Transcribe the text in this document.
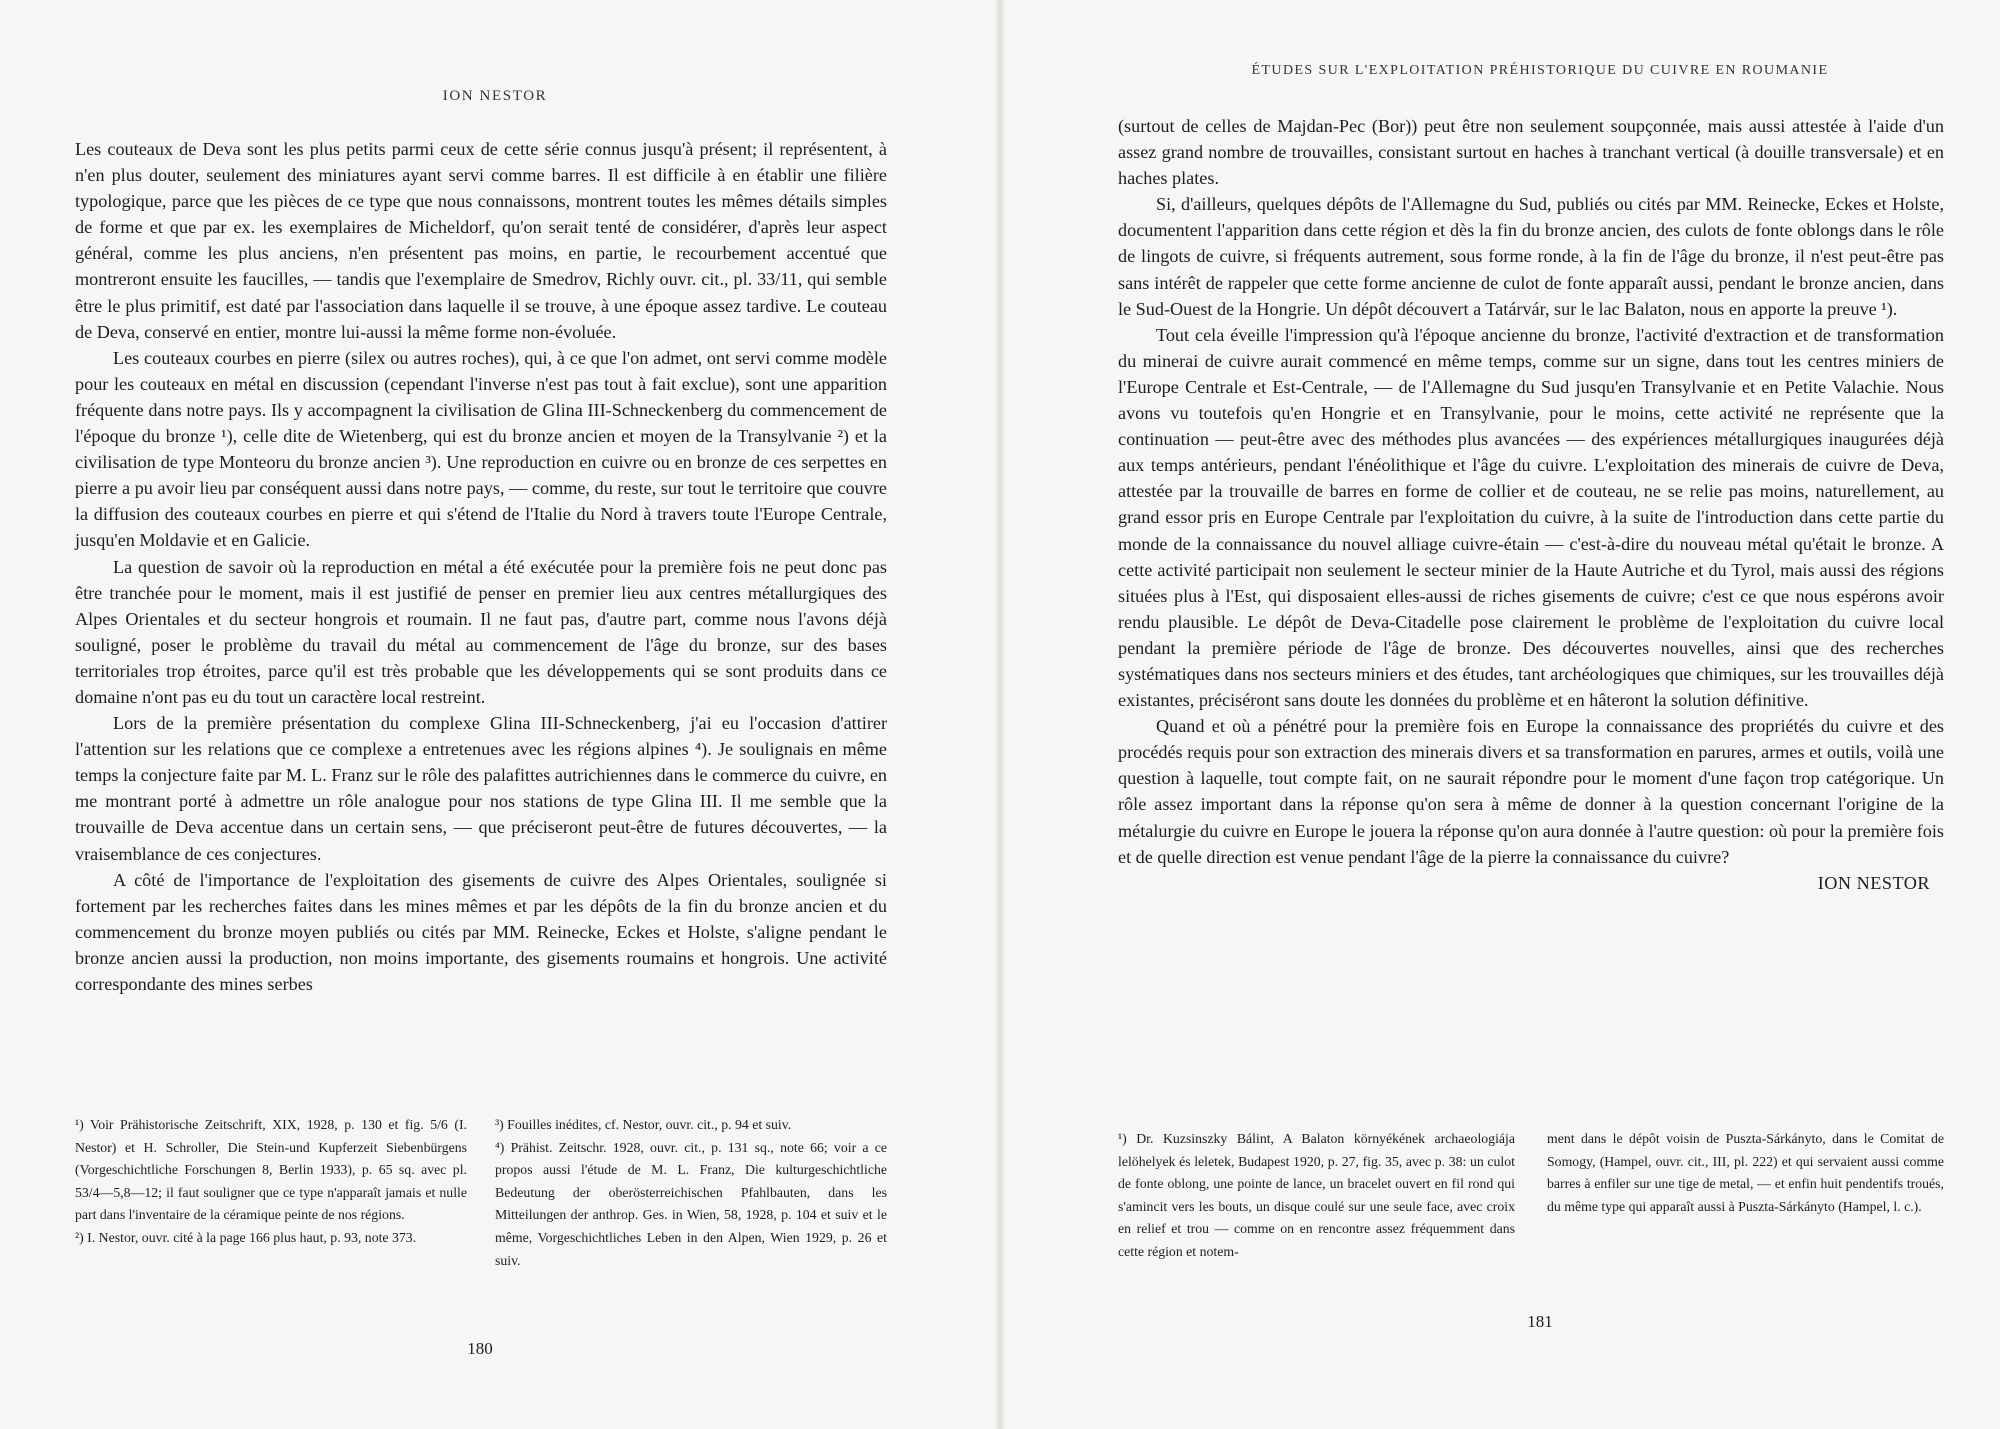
ION NESTOR

Les couteaux de Deva sont les plus petits parmi ceux de cette série connus jusqu'à présent; il représentent, à n'en plus douter, seulement des miniatures ayant servi comme barres. Il est difficile à en établir une filière typologique, parce que les pièces de ce type que nous connaissons, montrent toutes les mêmes détails simples de forme et que par ex. les exemplaires de Micheldorf, qu'on serait tenté de considérer, d'après leur aspect général, comme les plus anciens, n'en présentent pas moins, en partie, le recourbement accentué que montreront ensuite les faucilles, — tandis que l'exemplaire de Smedrov, Richly ouvr. cit., pl. 33/11, qui semble être le plus primitif, est daté par l'association dans laquelle il se trouve, à une époque assez tardive. Le couteau de Deva, conservé en entier, montre lui-aussi la même forme non-évoluée.

Les couteaux courbes en pierre (silex ou autres roches), qui, à ce que l'on admet, ont servi comme modèle pour les couteaux en métal en discussion (cependant l'inverse n'est pas tout à fait exclue), sont une apparition fréquente dans notre pays. Ils y accompagnent la civilisation de Glina III-Schneckenberg du commencement de l'époque du bronze ¹), celle dite de Wietenberg, qui est du bronze ancien et moyen de la Transylvanie ²) et la civilisation de type Monteoru du bronze ancien ³). Une reproduction en cuivre ou en bronze de ces serpettes en pierre a pu avoir lieu par conséquent aussi dans notre pays, — comme, du reste, sur tout le territoire que couvre la diffusion des couteaux courbes en pierre et qui s'étend de l'Italie du Nord à travers toute l'Europe Centrale, jusqu'en Moldavie et en Galicie.

La question de savoir où la reproduction en métal a été exécutée pour la première fois ne peut donc pas être tranchée pour le moment, mais il est justifié de penser en premier lieu aux centres métallurgiques des Alpes Orientales et du secteur hongrois et roumain. Il ne faut pas, d'autre part, comme nous l'avons déjà souligné, poser le problème du travail du métal au commencement de l'âge du bronze, sur des bases territoriales trop étroites, parce qu'il est très probable que les développements qui se sont produits dans ce domaine n'ont pas eu du tout un caractère local restreint.

Lors de la première présentation du complexe Glina III-Schneckenberg, j'ai eu l'occasion d'attirer l'attention sur les relations que ce complexe a entretenues avec les régions alpines ⁴). Je soulignais en même temps la conjecture faite par M. L. Franz sur le rôle des palafittes autrichiennes dans le commerce du cuivre, en me montrant porté à admettre un rôle analogue pour nos stations de type Glina III. Il me semble que la trouvaille de Deva accentue dans un certain sens, — que préciseront peut-être de futures découvertes, — la vraisemblance de ces conjectures.

A côté de l'importance de l'exploitation des gisements de cuivre des Alpes Orientales, soulignée si fortement par les recherches faites dans les mines mêmes et par les dépôts de la fin du bronze ancien et du commencement du bronze moyen publiés ou cités par MM. Reinecke, Eckes et Holste, s'aligne pendant le bronze ancien aussi la production, non moins importante, des gisements roumains et hongrois. Une activité correspondante des mines serbes

¹) Voir Prähistorische Zeitschrift, XIX, 1928, p. 130 et fig. 5/6 (I. Nestor) et H. Schroller, Die Stein-und Kupferzeit Siebenbürgens (Vorgeschichtliche Forschungen 8, Berlin 1933), p. 65 sq. avec pl. 53/4—5,8—12; il faut souligner que ce type n'apparaît jamais et nulle part dans l'inventaire de la céramique peinte de nos régions.

²) I. Nestor, ouvr. cité à la page 166 plus haut, p. 93, note 373.

³) Fouilles inédites, cf. Nestor, ouvr. cit., p. 94 et suiv.

⁴) Prähist. Zeitschr. 1928, ouvr. cit., p. 131 sq., note 66; voir a ce propos aussi l'étude de M. L. Franz, Die kulturgeschichtliche Bedeutung der oberösterreichischen Pfahlbauten, dans les Mitteilungen der anthrop. Ges. in Wien, 58, 1928, p. 104 et suiv et le même, Vorgeschichtliches Leben in den Alpen, Wien 1929, p. 26 et suiv.

180
ÉTUDES SUR L'EXPLOITATION PRÉHISTORIQUE DU CUIVRE EN ROUMANIE

(surtout de celles de Majdan-Pec (Bor)) peut être non seulement soupçonnée, mais aussi attestée à l'aide d'un assez grand nombre de trouvailles, consistant surtout en haches à tranchant vertical (à douille transversale) et en haches plates.

Si, d'ailleurs, quelques dépôts de l'Allemagne du Sud, publiés ou cités par MM. Reinecke, Eckes et Holste, documentent l'apparition dans cette région et dès la fin du bronze ancien, des culots de fonte oblongs dans le rôle de lingots de cuivre, si fréquents autrement, sous forme ronde, à la fin de l'âge du bronze, il n'est peut-être pas sans intérêt de rappeler que cette forme ancienne de culot de fonte apparaît aussi, pendant le bronze ancien, dans le Sud-Ouest de la Hongrie. Un dépôt découvert a Tatárvár, sur le lac Balaton, nous en apporte la preuve ¹).

Tout cela éveille l'impression qu'à l'époque ancienne du bronze, l'activité d'extraction et de transformation du minerai de cuivre aurait commencé en même temps, comme sur un signe, dans tout les centres miniers de l'Europe Centrale et Est-Centrale, — de l'Allemagne du Sud jusqu'en Transylvanie et en Petite Valachie. Nous avons vu toutefois qu'en Hongrie et en Transylvanie, pour le moins, cette activité ne représente que la continuation — peut-être avec des méthodes plus avancées — des expériences métallurgiques inaugurées déjà aux temps antérieurs, pendant l'énéolithique et l'âge du cuivre. L'exploitation des minerais de cuivre de Deva, attestée par la trouvaille de barres en forme de collier et de couteau, ne se relie pas moins, naturellement, au grand essor pris en Europe Centrale par l'exploitation du cuivre, à la suite de l'introduction dans cette partie du monde de la connaissance du nouvel alliage cuivre-étain — c'est-à-dire du nouveau métal qu'était le bronze. A cette activité participait non seulement le secteur minier de la Haute Autriche et du Tyrol, mais aussi des régions situées plus à l'Est, qui disposaient elles-aussi de riches gisements de cuivre; c'est ce que nous espérons avoir rendu plausible. Le dépôt de Deva-Citadelle pose clairement le problème de l'exploitation du cuivre local pendant la première période de l'âge de bronze. Des découvertes nouvelles, ainsi que des recherches systématiques dans nos secteurs miniers et des études, tant archéologiques que chimiques, sur les trouvailles déjà existantes, préciséront sans doute les données du problème et en hâteront la solution définitive.

Quand et où a pénétré pour la première fois en Europe la connaissance des propriétés du cuivre et des procédés requis pour son extraction des minerais divers et sa transformation en parures, armes et outils, voilà une question à laquelle, tout compte fait, on ne saurait répondre pour le moment d'une façon trop catégorique. Un rôle assez important dans la réponse qu'on sera à même de donner à la question concernant l'origine de la métalurgie du cuivre en Europe le jouera la réponse qu'on aura donnée à l'autre question: où pour la première fois et de quelle direction est venue pendant l'âge de la pierre la connaissance du cuivre?

ION NESTOR

¹) Dr. Kuzsinszky Bálint, A Balaton környékének archaeologiája lelöhelyek és leletek, Budapest 1920, p. 27, fig. 35, avec p. 38: un culot de fonte oblong, une pointe de lance, un bracelet ouvert en fil rond qui s'amincit vers les bouts, un disque coulé sur une seule face, avec croix en relief et trou — comme on en rencontre assez fréquemment dans cette région et notem-

ment dans le dépôt voisin de Puszta-Sárkányto, dans le Comitat de Somogy, (Hampel, ouvr. cit., III, pl. 222) et qui servaient aussi comme barres à enfiler sur une tige de metal, — et enfin huit pendentifs troués, du même type qui apparaît aussi à Puszta-Sárkányto (Hampel, l. c.).

181
